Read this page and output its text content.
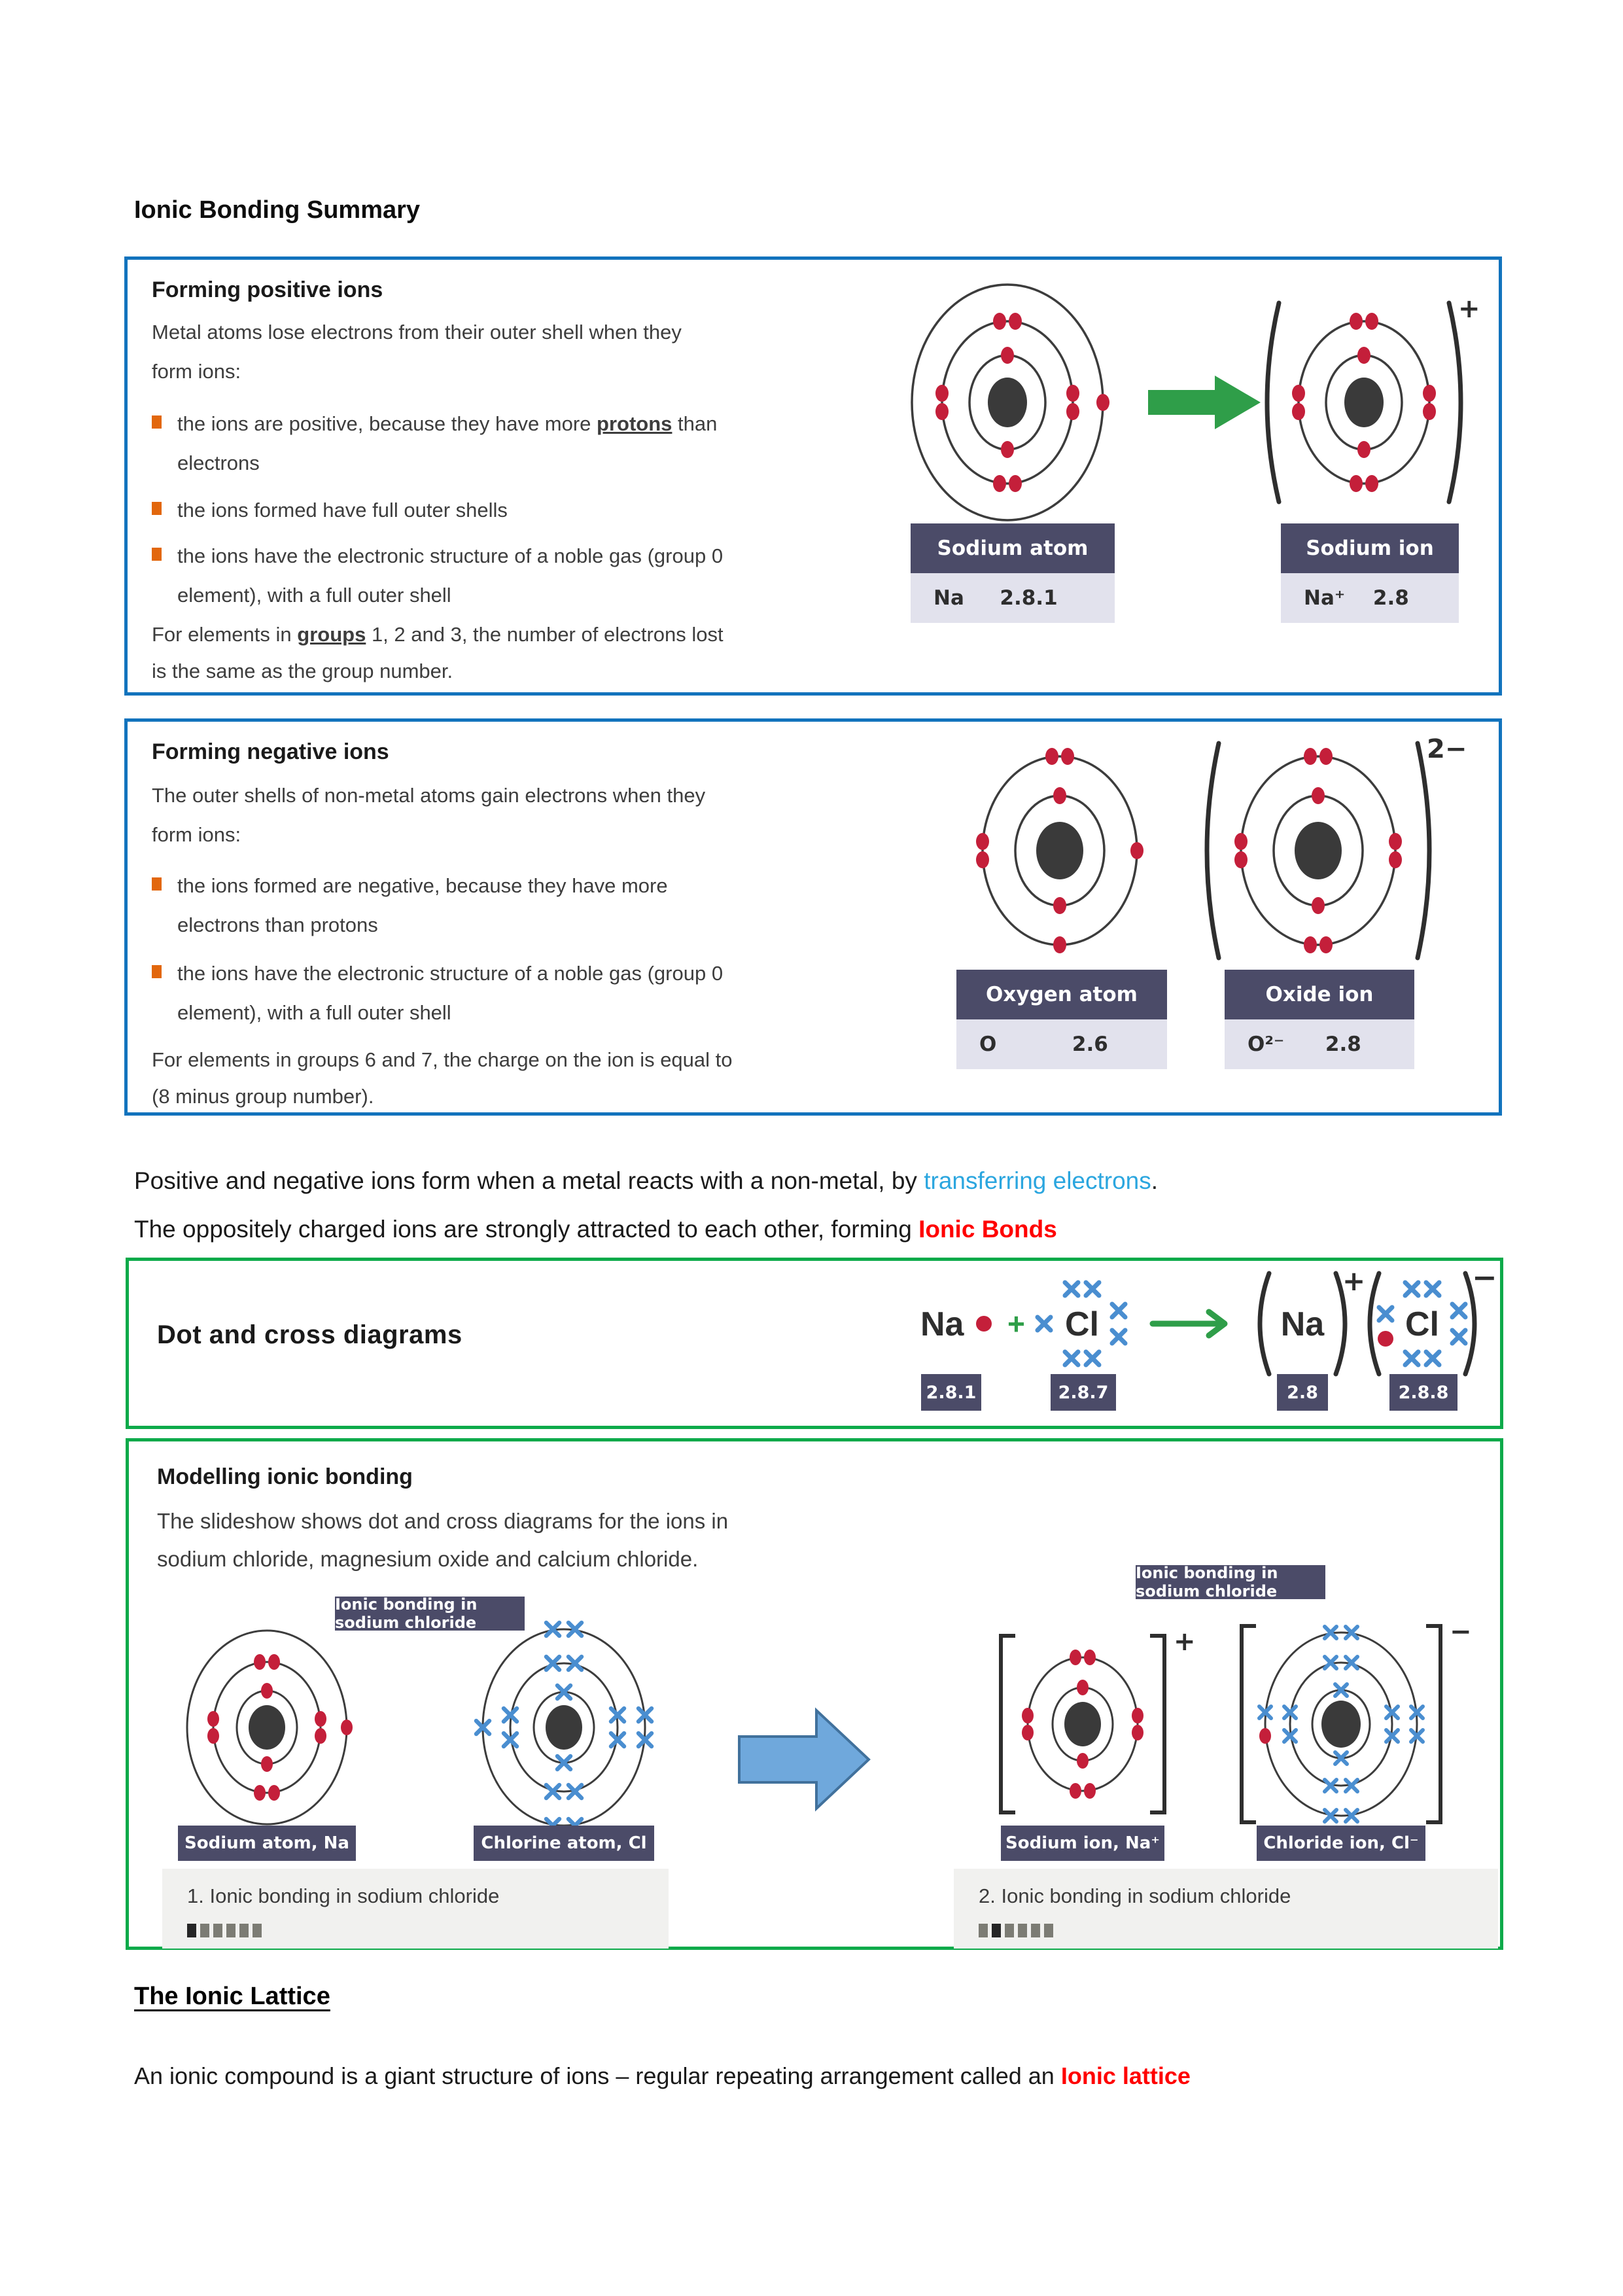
Ionic Bonding Summary
Forming positive ions
Metal atoms lose electrons from their outer shell when they
form ions:
the ions are positive, because they have more protons than
electrons
the ions formed have full outer shells
the ions have the electronic structure of a noble gas (group 0
element), with a full outer shell
For elements in groups 1, 2 and 3, the number of electrons lost
is the same as the group number.
+
Sodium atom
Na 2.8.1
Sodium ion
Na⁺ 2.8
Forming negative ions
The outer shells of non-metal atoms gain electrons when they
form ions:
the ions formed are negative, because they have more
electrons than protons
the ions have the electronic structure of a noble gas (group 0
element), with a full outer shell
For elements in groups 6 and 7, the charge on the ion is equal to
(8 minus group number).
2−
Oxygen atom
O	2.6
Oxide ion
O²⁻ 2.8
Positive and negative ions form when a metal reacts with a non-metal, by transferring electrons.
The oppositely charged ions are strongly attracted to each other, forming Ionic Bonds
Dot and cross diagrams	Na + Cl	Na
+
Cl
−
2.8.1	2.8.7	2.8	2.8.8
Modelling ionic bonding
The slideshow shows dot and cross diagrams for the ions in
sodium chloride, magnesium oxide and calcium chloride.
Ionic bonding in sodium chloride
Ionic bonding in sodium chloride
+	−
Sodium atom, Na	Chlorine atom, Cl	Sodium ion, Na⁺	Chloride ion, Cl⁻
1. Ionic bonding in sodium chloride	2. Ionic bonding in sodium chloride
The Ionic Lattice
An ionic compound is a giant structure of ions – regular repeating arrangement called an Ionic lattice
